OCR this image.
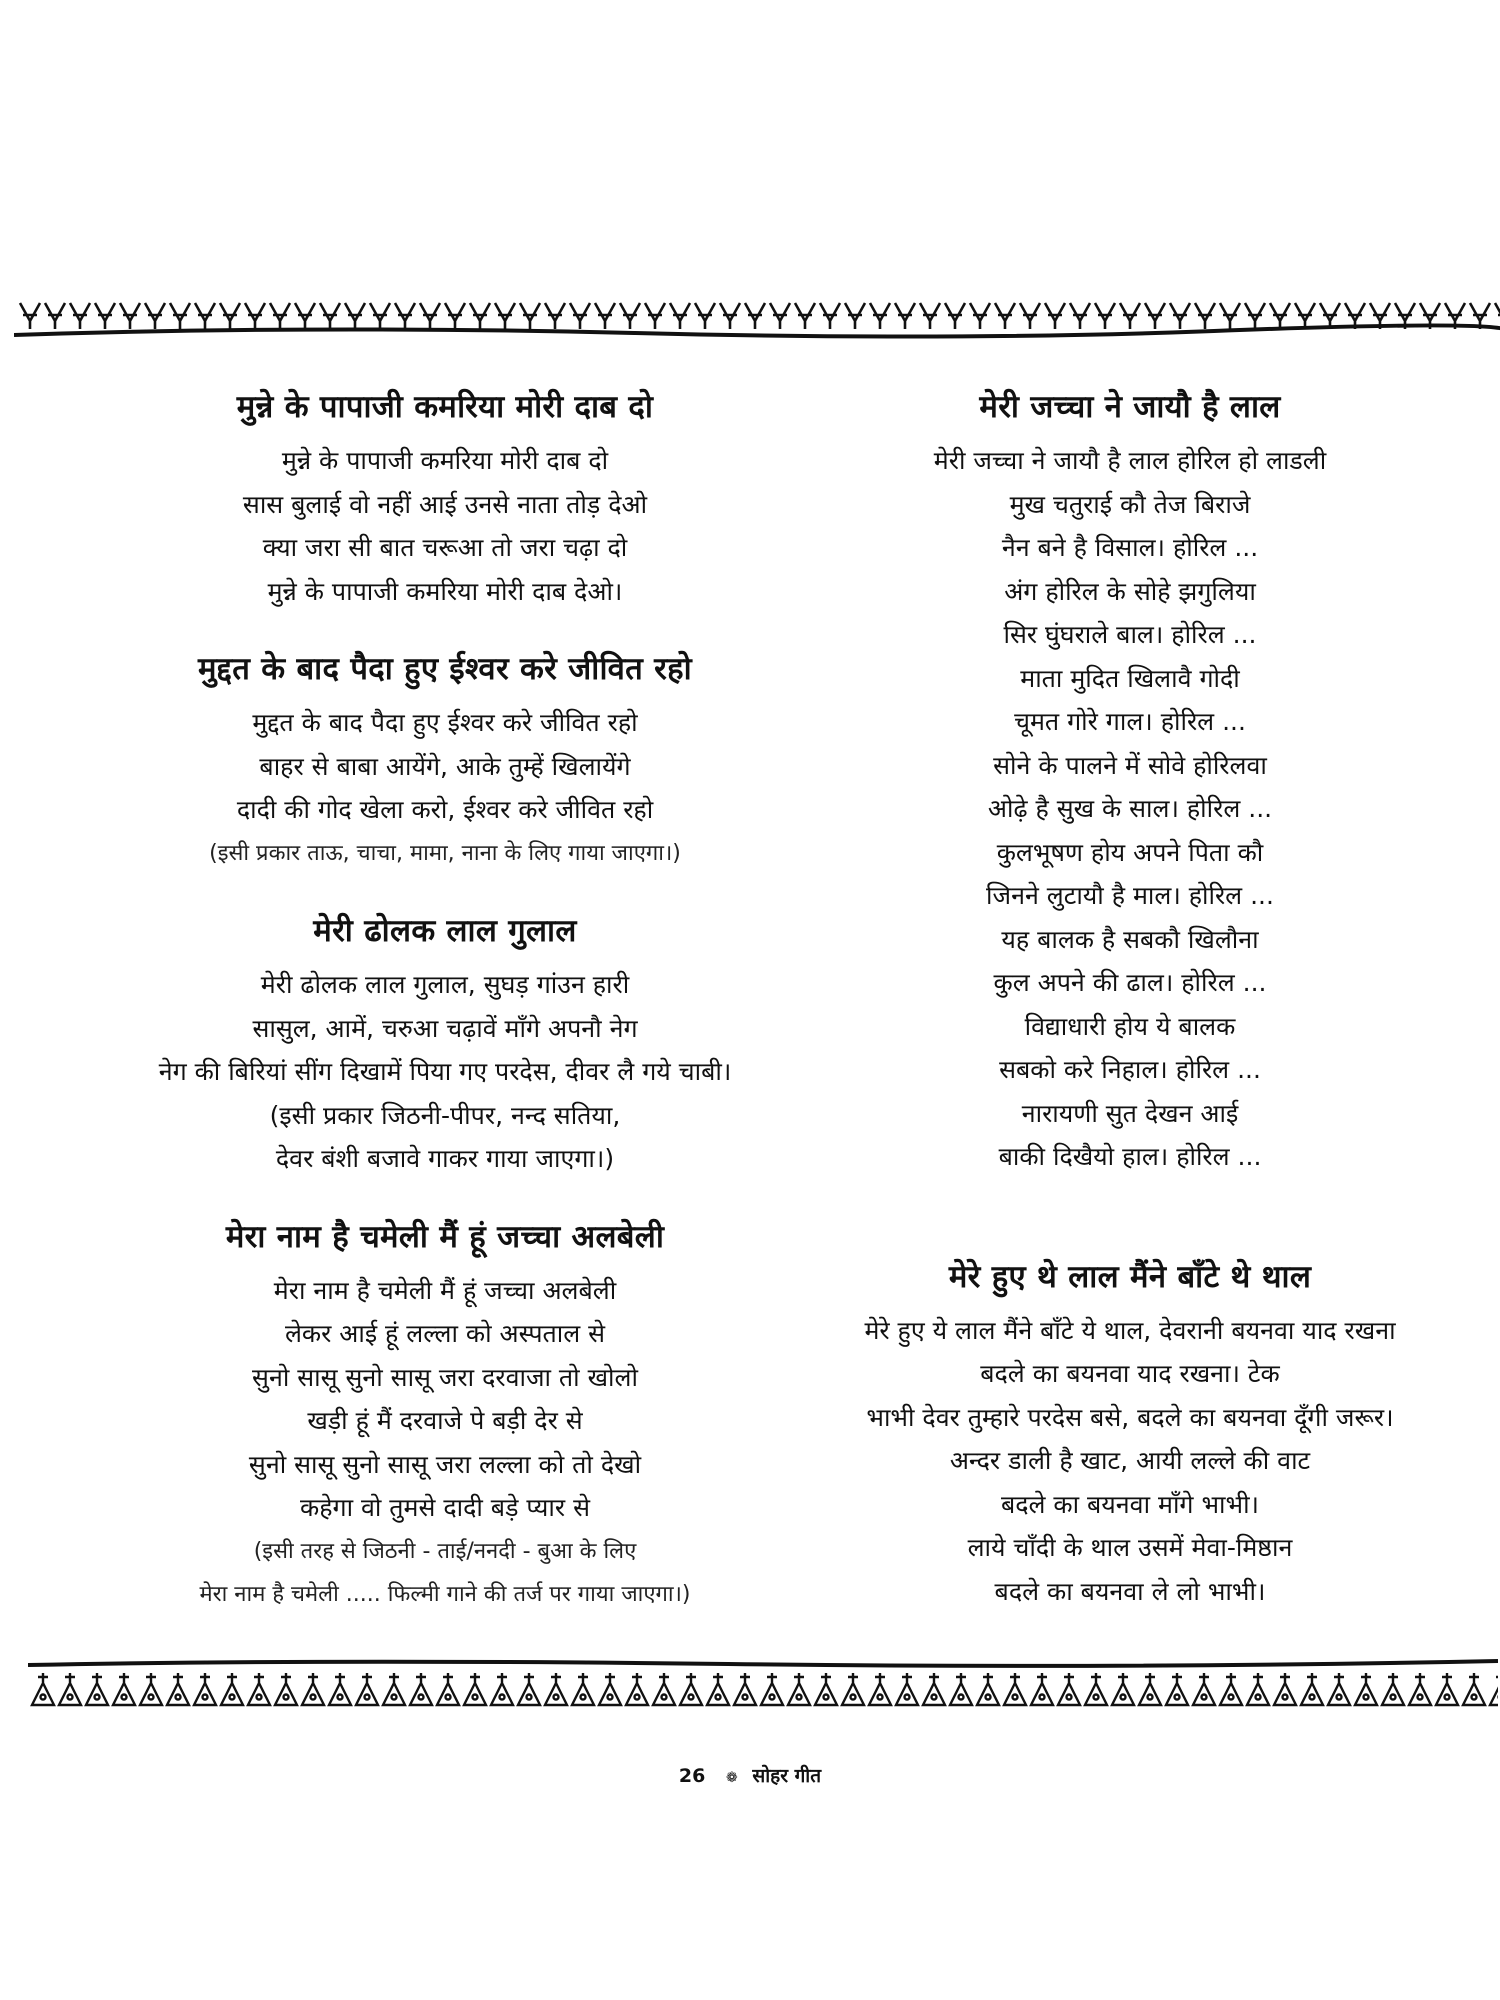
मुन्ने के पापाजी कमरिया मोरी दाब दो
मुन्ने के पापाजी कमरिया मोरी दाब दो
सास बुलाई वो नहीं आई उनसे नाता तोड़ देओ
क्या जरा सी बात चरूआ तो जरा चढ़ा दो
मुन्ने के पापाजी कमरिया मोरी दाब देओ।
मुद्दत के बाद पैदा हुए ईश्वर करे जीवित रहो
मुद्दत के बाद पैदा हुए ईश्वर करे जीवित रहो
बाहर से बाबा आयेंगे, आके तुम्हें खिलायेंगे
दादी की गोद खेला करो, ईश्वर करे जीवित रहो
(इसी प्रकार ताऊ, चाचा, मामा, नाना के लिए गाया जाएगा।)
मेरी ढोलक लाल गुलाल
मेरी ढोलक लाल गुलाल, सुघड़ गांउन हारी
सासुल, आमें, चरुआ चढ़ावें माँगे अपनौ नेग
नेग की बिरियां सींग दिखामें पिया गए परदेस, दीवर लै गये चाबी।
(इसी प्रकार जिठनी-पीपर, नन्द सतिया,
देवर बंशी बजावे गाकर गाया जाएगा।)
मेरा नाम है चमेली मैं हूं जच्चा अलबेली
मेरा नाम है चमेली मैं हूं जच्चा अलबेली
लेकर आई हूं लल्ला को अस्पताल से
सुनो सासू सुनो सासू जरा दरवाजा तो खोलो
खड़ी हूं मैं दरवाजे पे बड़ी देर से
सुनो सासू सुनो सासू जरा लल्ला को तो देखो
कहेगा वो तुमसे दादी बड़े प्यार से
(इसी तरह से जिठनी - ताई/ननदी - बुआ के लिए
मेरा नाम है चमेली ..... फिल्मी गाने की तर्ज पर गाया जाएगा।)
मेरी जच्चा ने जायौ है लाल
मेरी जच्चा ने जायौ है लाल होरिल हो लाडली
मुख चतुराई कौ तेज बिराजे
नैन बने है विसाल। होरिल ...
अंग होरिल के सोहे झगुलिया
सिर घुंघराले बाल। होरिल ...
माता मुदित खिलावै गोदी
चूमत गोरे गाल। होरिल ...
सोने के पालने में सोवे होरिलवा
ओढ़े है सुख के साल। होरिल ...
कुलभूषण होय अपने पिता कौ
जिनने लुटायौ है माल। होरिल ...
यह बालक है सबकौ खिलौना
कुल अपने की ढाल। होरिल ...
विद्याधारी होय ये बालक
सबको करे निहाल। होरिल ...
नारायणी सुत देखन आई
बाकी दिखैयो हाल। होरिल ...
मेरे हुए थे लाल मैंने बाँटे थे थाल
मेरे हुए ये लाल मैंने बाँटे ये थाल, देवरानी बयनवा याद रखना
बदले का बयनवा याद रखना। टेक
भाभी देवर तुम्हारे परदेस बसे, बदले का बयनवा दूँगी जरूर।
अन्दर डाली है खाट, आयी लल्ले की वाट
बदले का बयनवा माँगे भाभी।
लाये चाँदी के थाल उसमें मेवा-मिष्ठान
बदले का बयनवा ले लो भाभी।
26 ❁ सोहर गीत
